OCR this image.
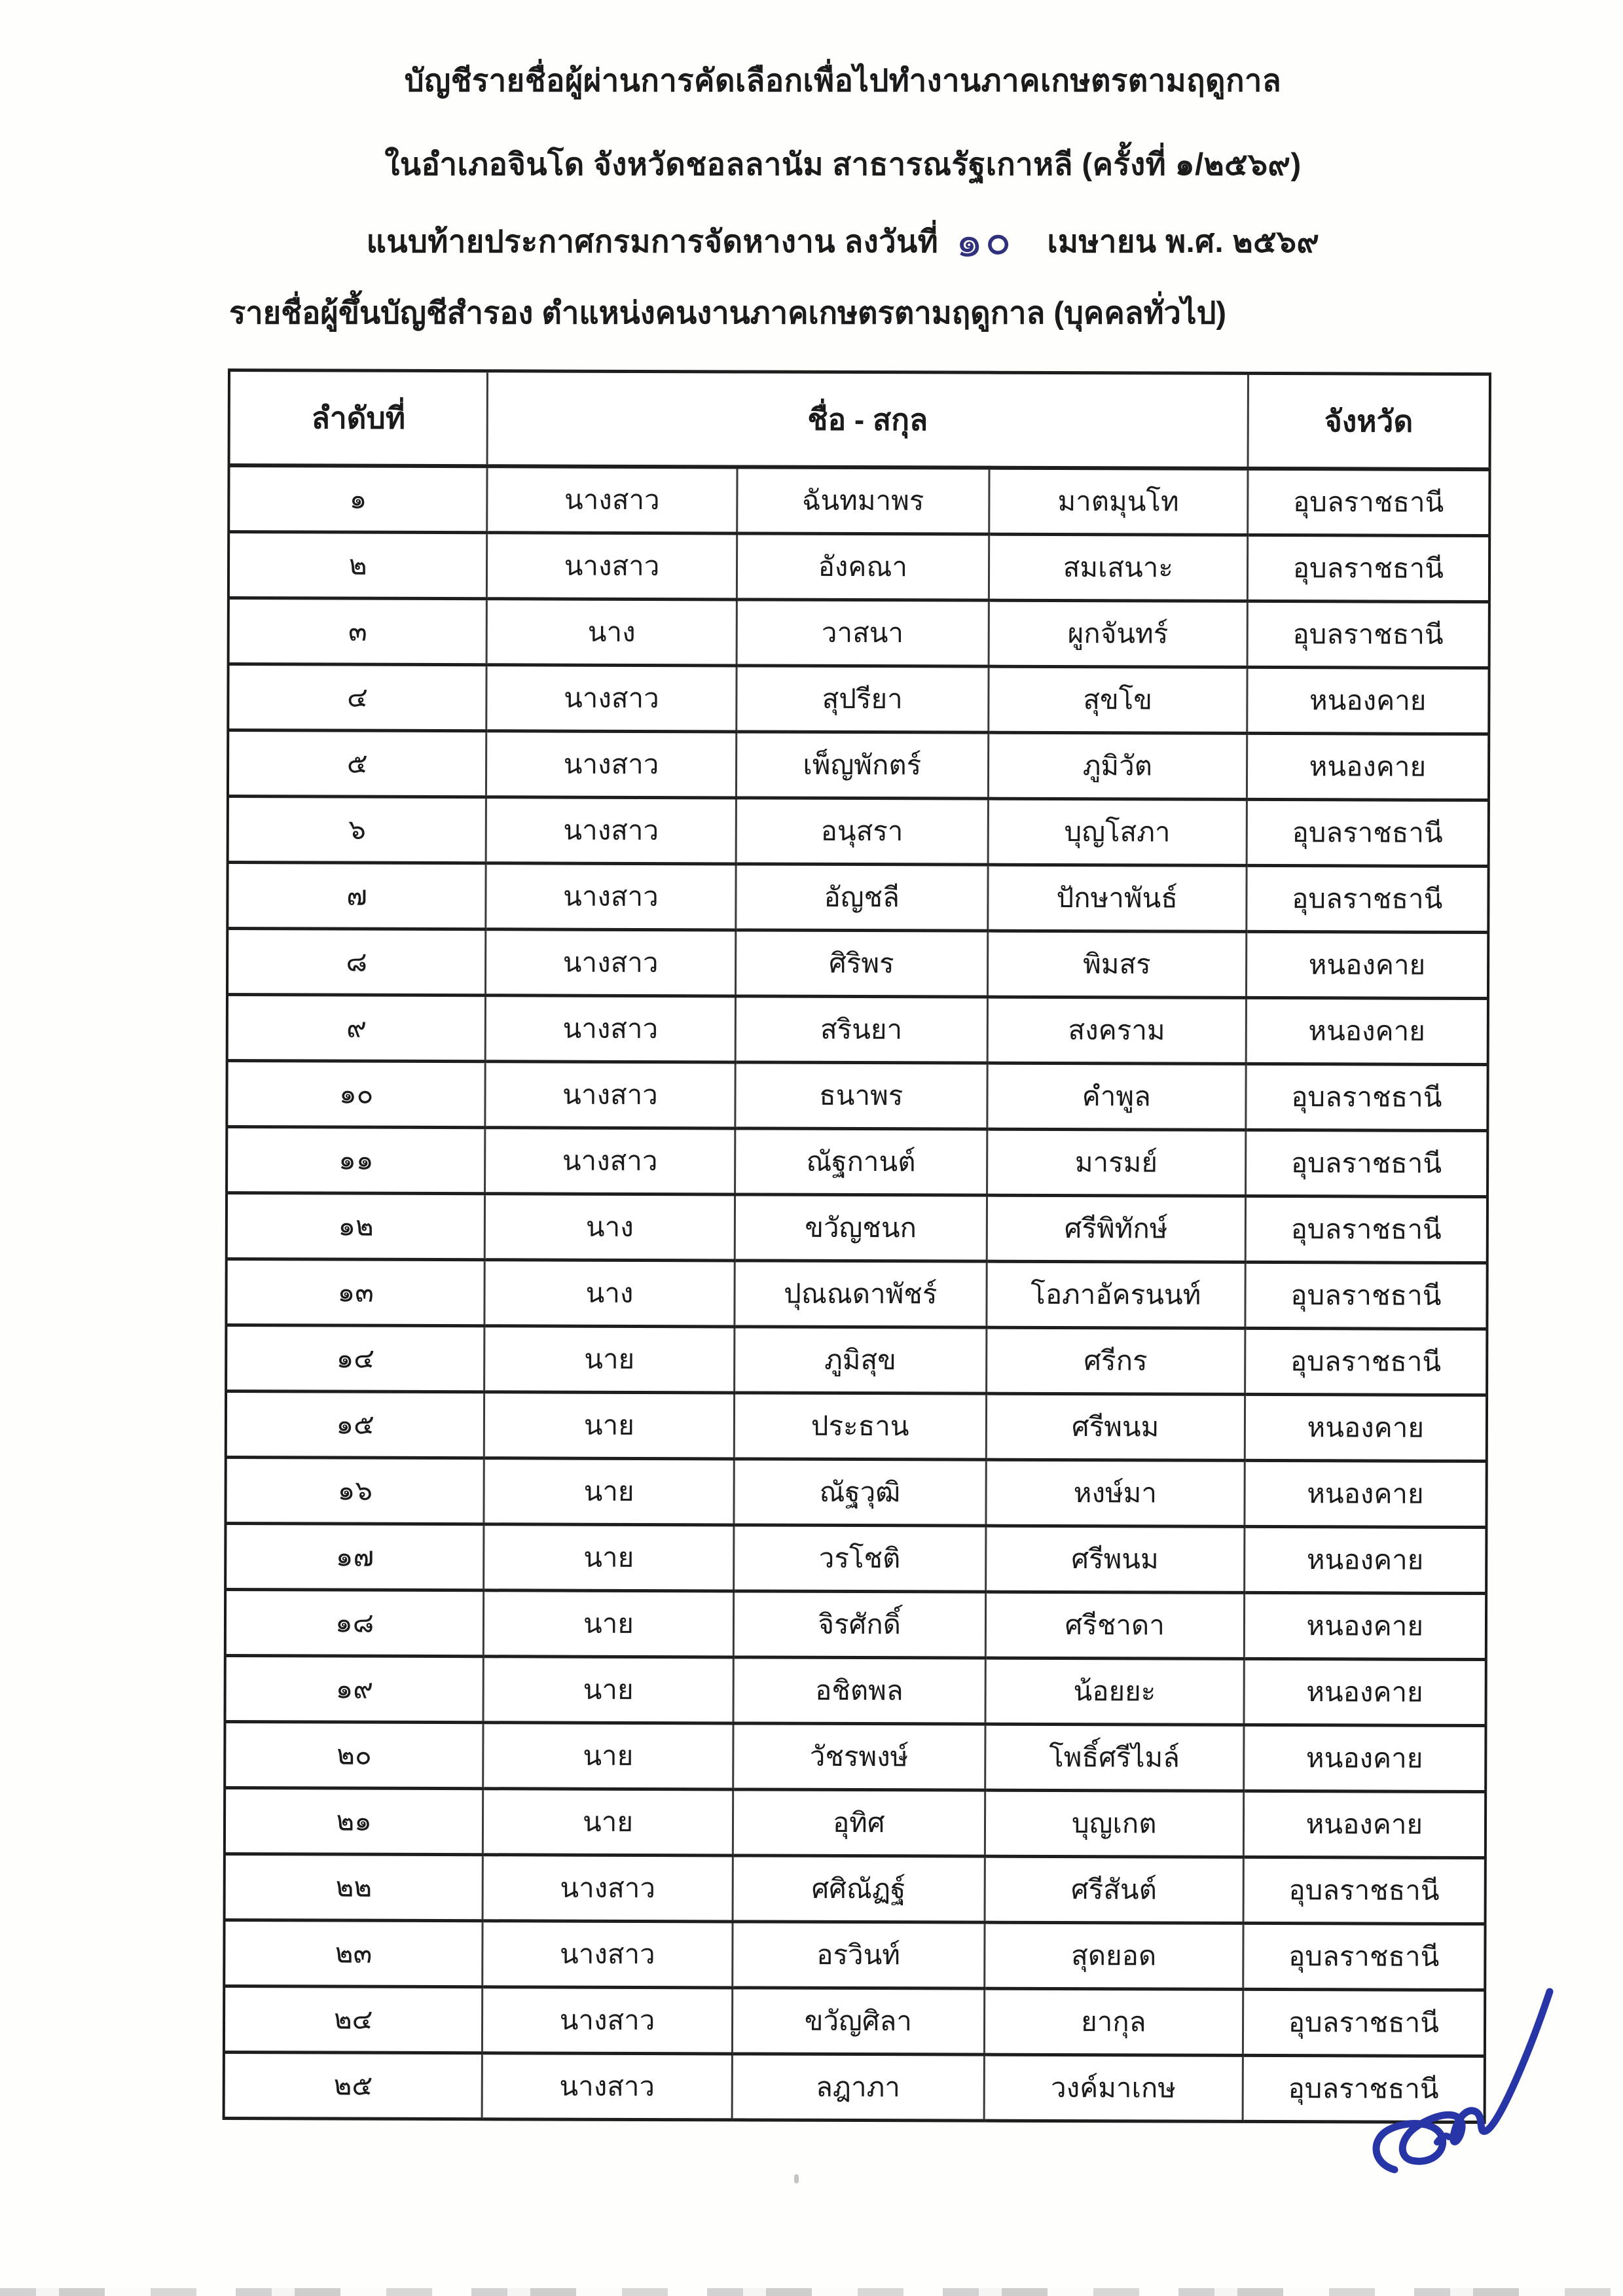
บัญชีรายชื่อผู้ผ่านการคัดเลือกเพื่อไปทำงานภาคเกษตรตามฤดูกาล
ในอำเภอจินโด จังหวัดชอลลานัม สาธารณรัฐเกาหลี (ครั้งที่ ๑/๒๕๖๙)
แนบท้ายประกาศกรมการจัดหางาน ลงวันที่ ๑๐ เมษายน พ.ศ. ๒๕๖๙
รายชื่อผู้ขึ้นบัญชีสำรอง ตำแหน่งคนงานภาคเกษตรตามฤดูกาล (บุคคลทั่วไป)
ลำดับที่	ชื่อ - สกุล			จังหวัด
๑	นางสาว	ฉันทมาพร	มาตมุนโท	อุบลราชธานี
๒	นางสาว	อังคณา	สมเสนาะ	อุบลราชธานี
๓	นาง	วาสนา	ผูกจันทร์	อุบลราชธานี
๔	นางสาว	สุปรียา	สุขโข	หนองคาย
๕	นางสาว	เพ็ญพักตร์	ภูมิวัต	หนองคาย
๖	นางสาว	อนุสรา	บุญโสภา	อุบลราชธานี
๗	นางสาว	อัญชลี	ปักษาพันธ์	อุบลราชธานี
๘	นางสาว	ศิริพร	พิมสร	หนองคาย
๙	นางสาว	สรินยา	สงคราม	หนองคาย
๑๐	นางสาว	ธนาพร	คำพูล	อุบลราชธานี
๑๑	นางสาว	ณัฐกานต์	มารมย์	อุบลราชธานี
๑๒	นาง	ขวัญชนก	ศรีพิทักษ์	อุบลราชธานี
๑๓	นาง	ปุณณดาพัชร์	โอภาอัครนนท์	อุบลราชธานี
๑๔	นาย	ภูมิสุข	ศรีกร	อุบลราชธานี
๑๕	นาย	ประธาน	ศรีพนม	หนองคาย
๑๖	นาย	ณัฐวุฒิ	หงษ์มา	หนองคาย
๑๗	นาย	วรโชติ	ศรีพนม	หนองคาย
๑๘	นาย	จิรศักดิ์	ศรีชาดา	หนองคาย
๑๙	นาย	อชิตพล	น้อยยะ	หนองคาย
๒๐	นาย	วัชรพงษ์	โพธิ์ศรีไมล์	หนองคาย
๒๑	นาย	อุทิศ	บุญเกต	หนองคาย
๒๒	นางสาว	ศศิณัฏฐ์	ศรีสันต์	อุบลราชธานี
๒๓	นางสาว	อรวินท์	สุดยอด	อุบลราชธานี
๒๔	นางสาว	ขวัญศิลา	ยากุล	อุบลราชธานี
๒๕	นางสาว	ลฎาภา	วงค์มาเกษ	อุบลราชธานี
